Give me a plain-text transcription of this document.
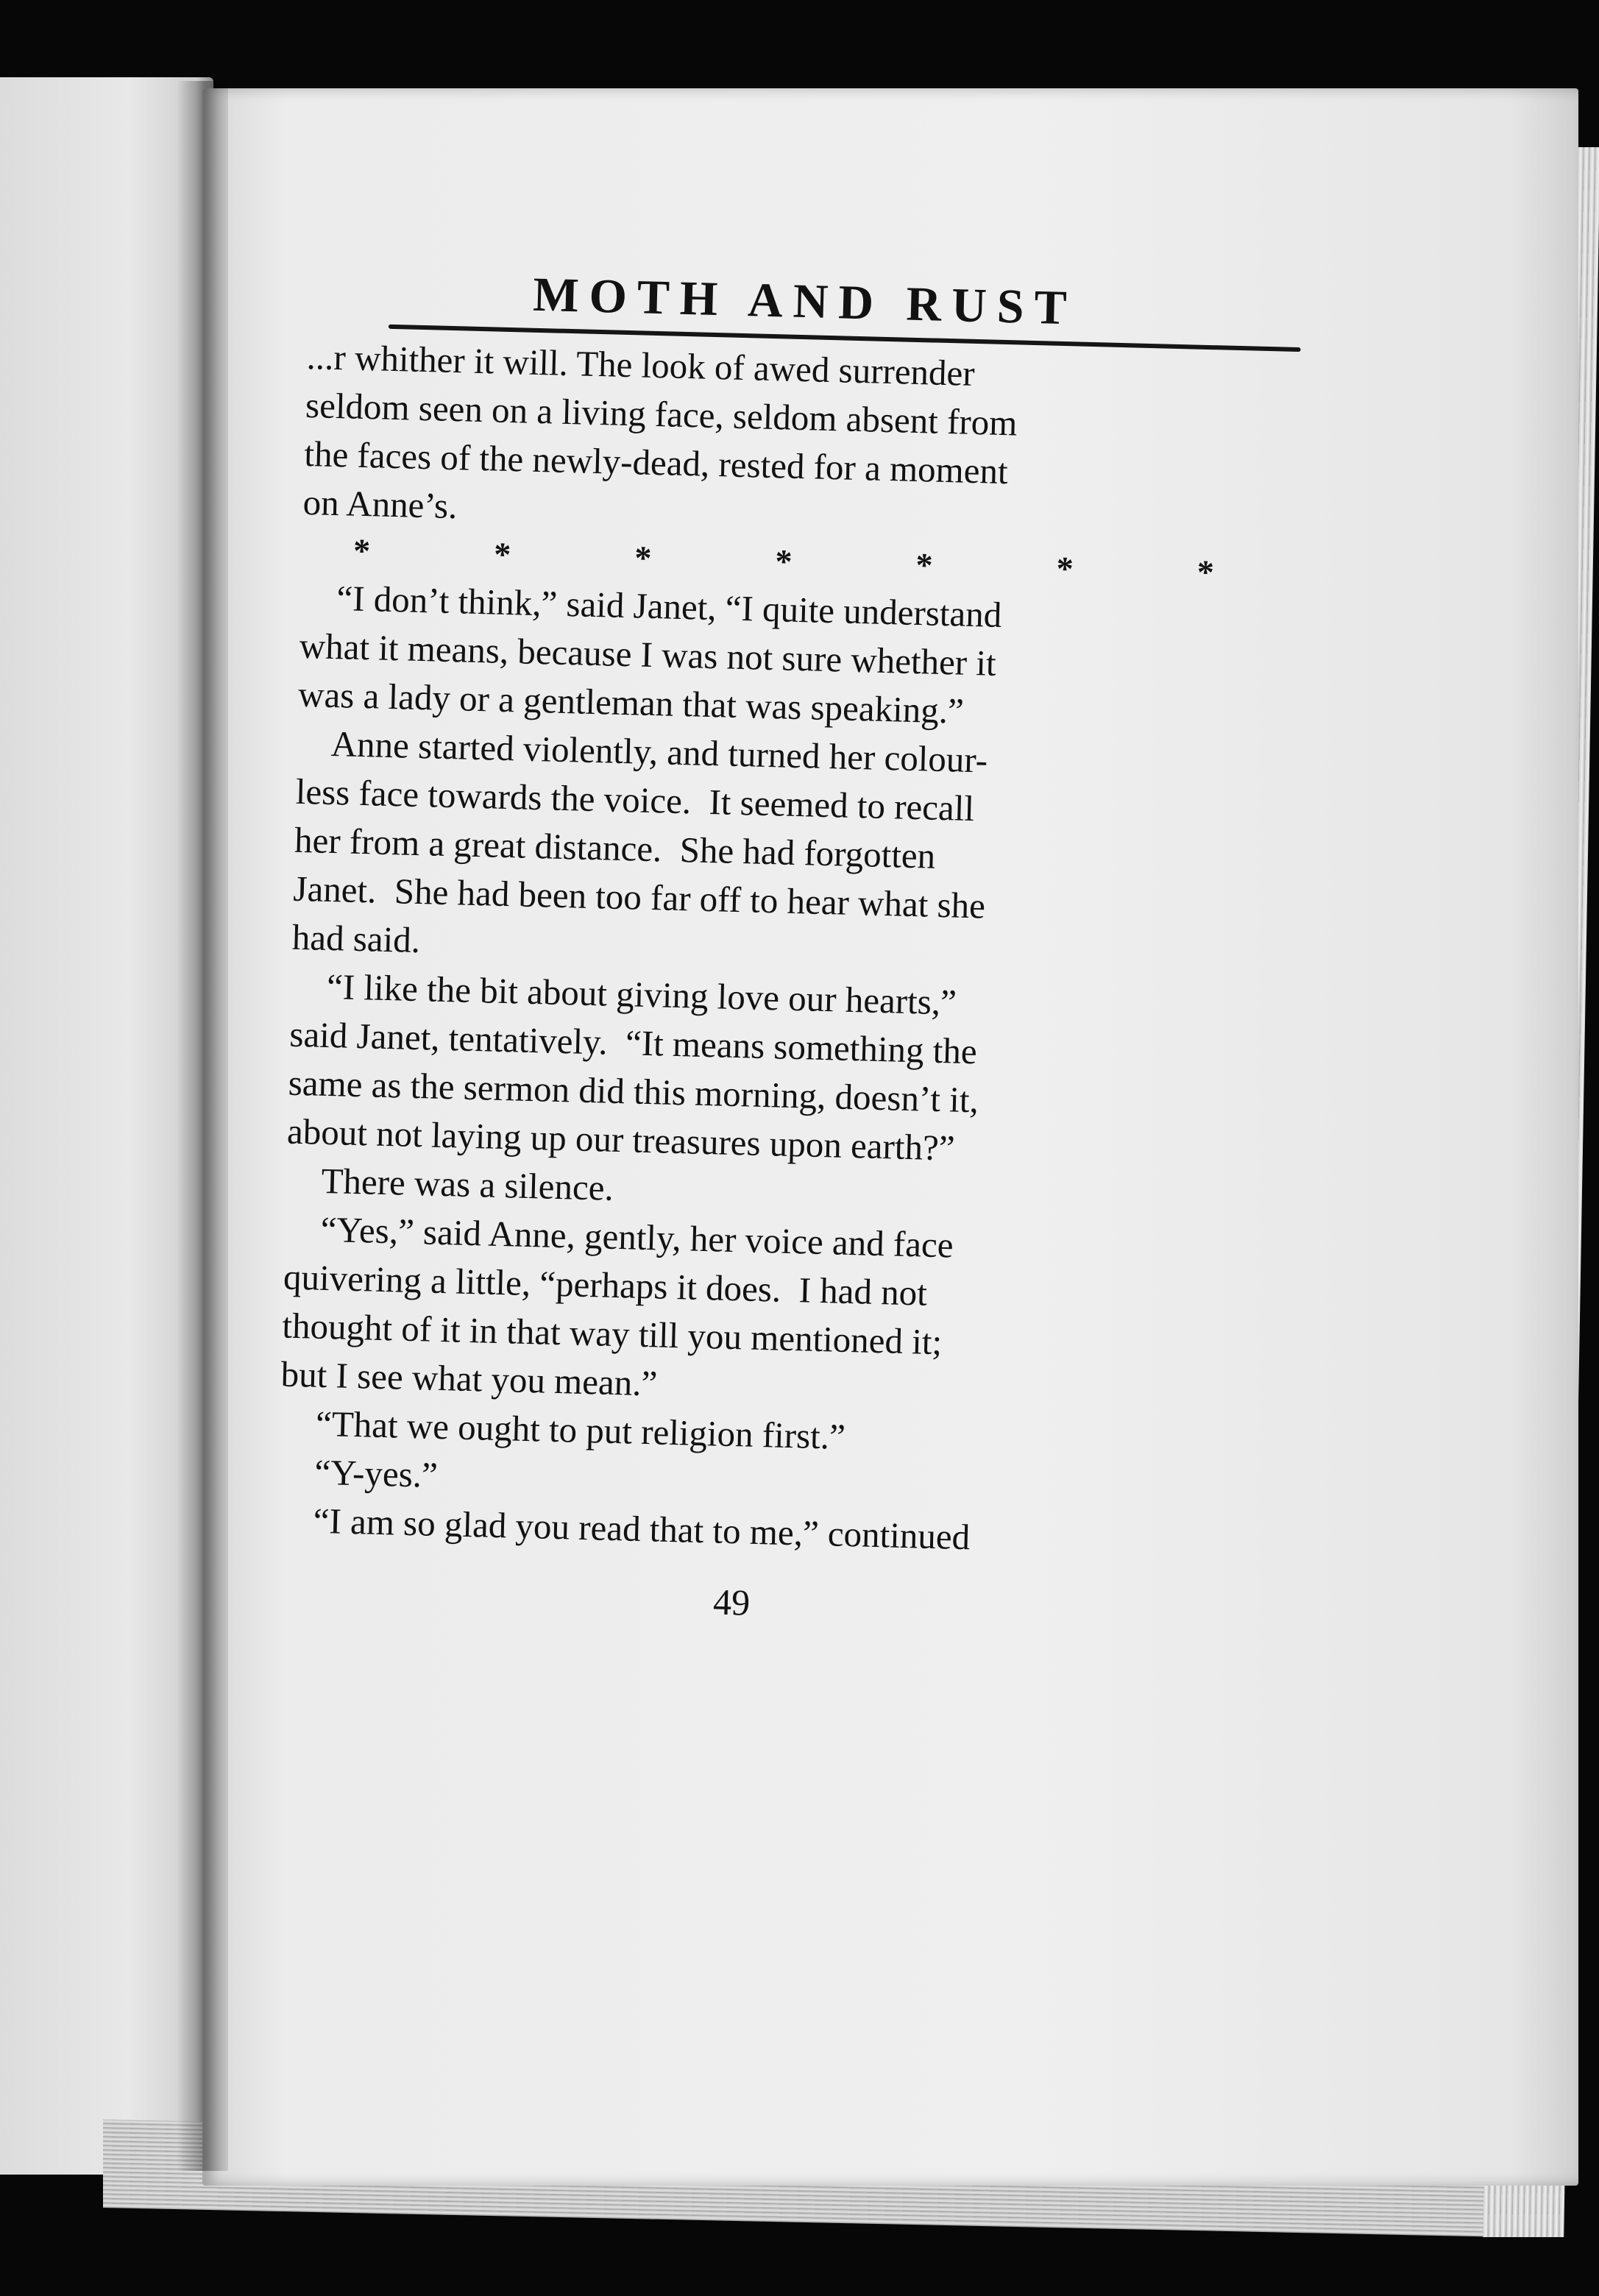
MOTH AND RUST
...r whither it will. The look of awed surrender
seldom seen on a living face, seldom absent from
the faces of the newly-dead, rested for a moment
on Anne’s.
*	*	*	*	*	*	*
“I don’t think,” said Janet, “I quite understand
what it means, because I was not sure whether it
was a lady or a gentleman that was speaking.”
Anne started violently, and turned her colour-
less face towards the voice.  It seemed to recall
her from a great distance.  She had forgotten
Janet.  She had been too far off to hear what she
had said.
“I like the bit about giving love our hearts,”
said Janet, tentatively.  “It means something the
same as the sermon did this morning, doesn’t it,
about not laying up our treasures upon earth?”
There was a silence.
“Yes,” said Anne, gently, her voice and face
quivering a little, “perhaps it does.  I had not
thought of it in that way till you mentioned it;
but I see what you mean.”
“That we ought to put religion first.”
“Y-yes.”
“I am so glad you read that to me,” continued
49
